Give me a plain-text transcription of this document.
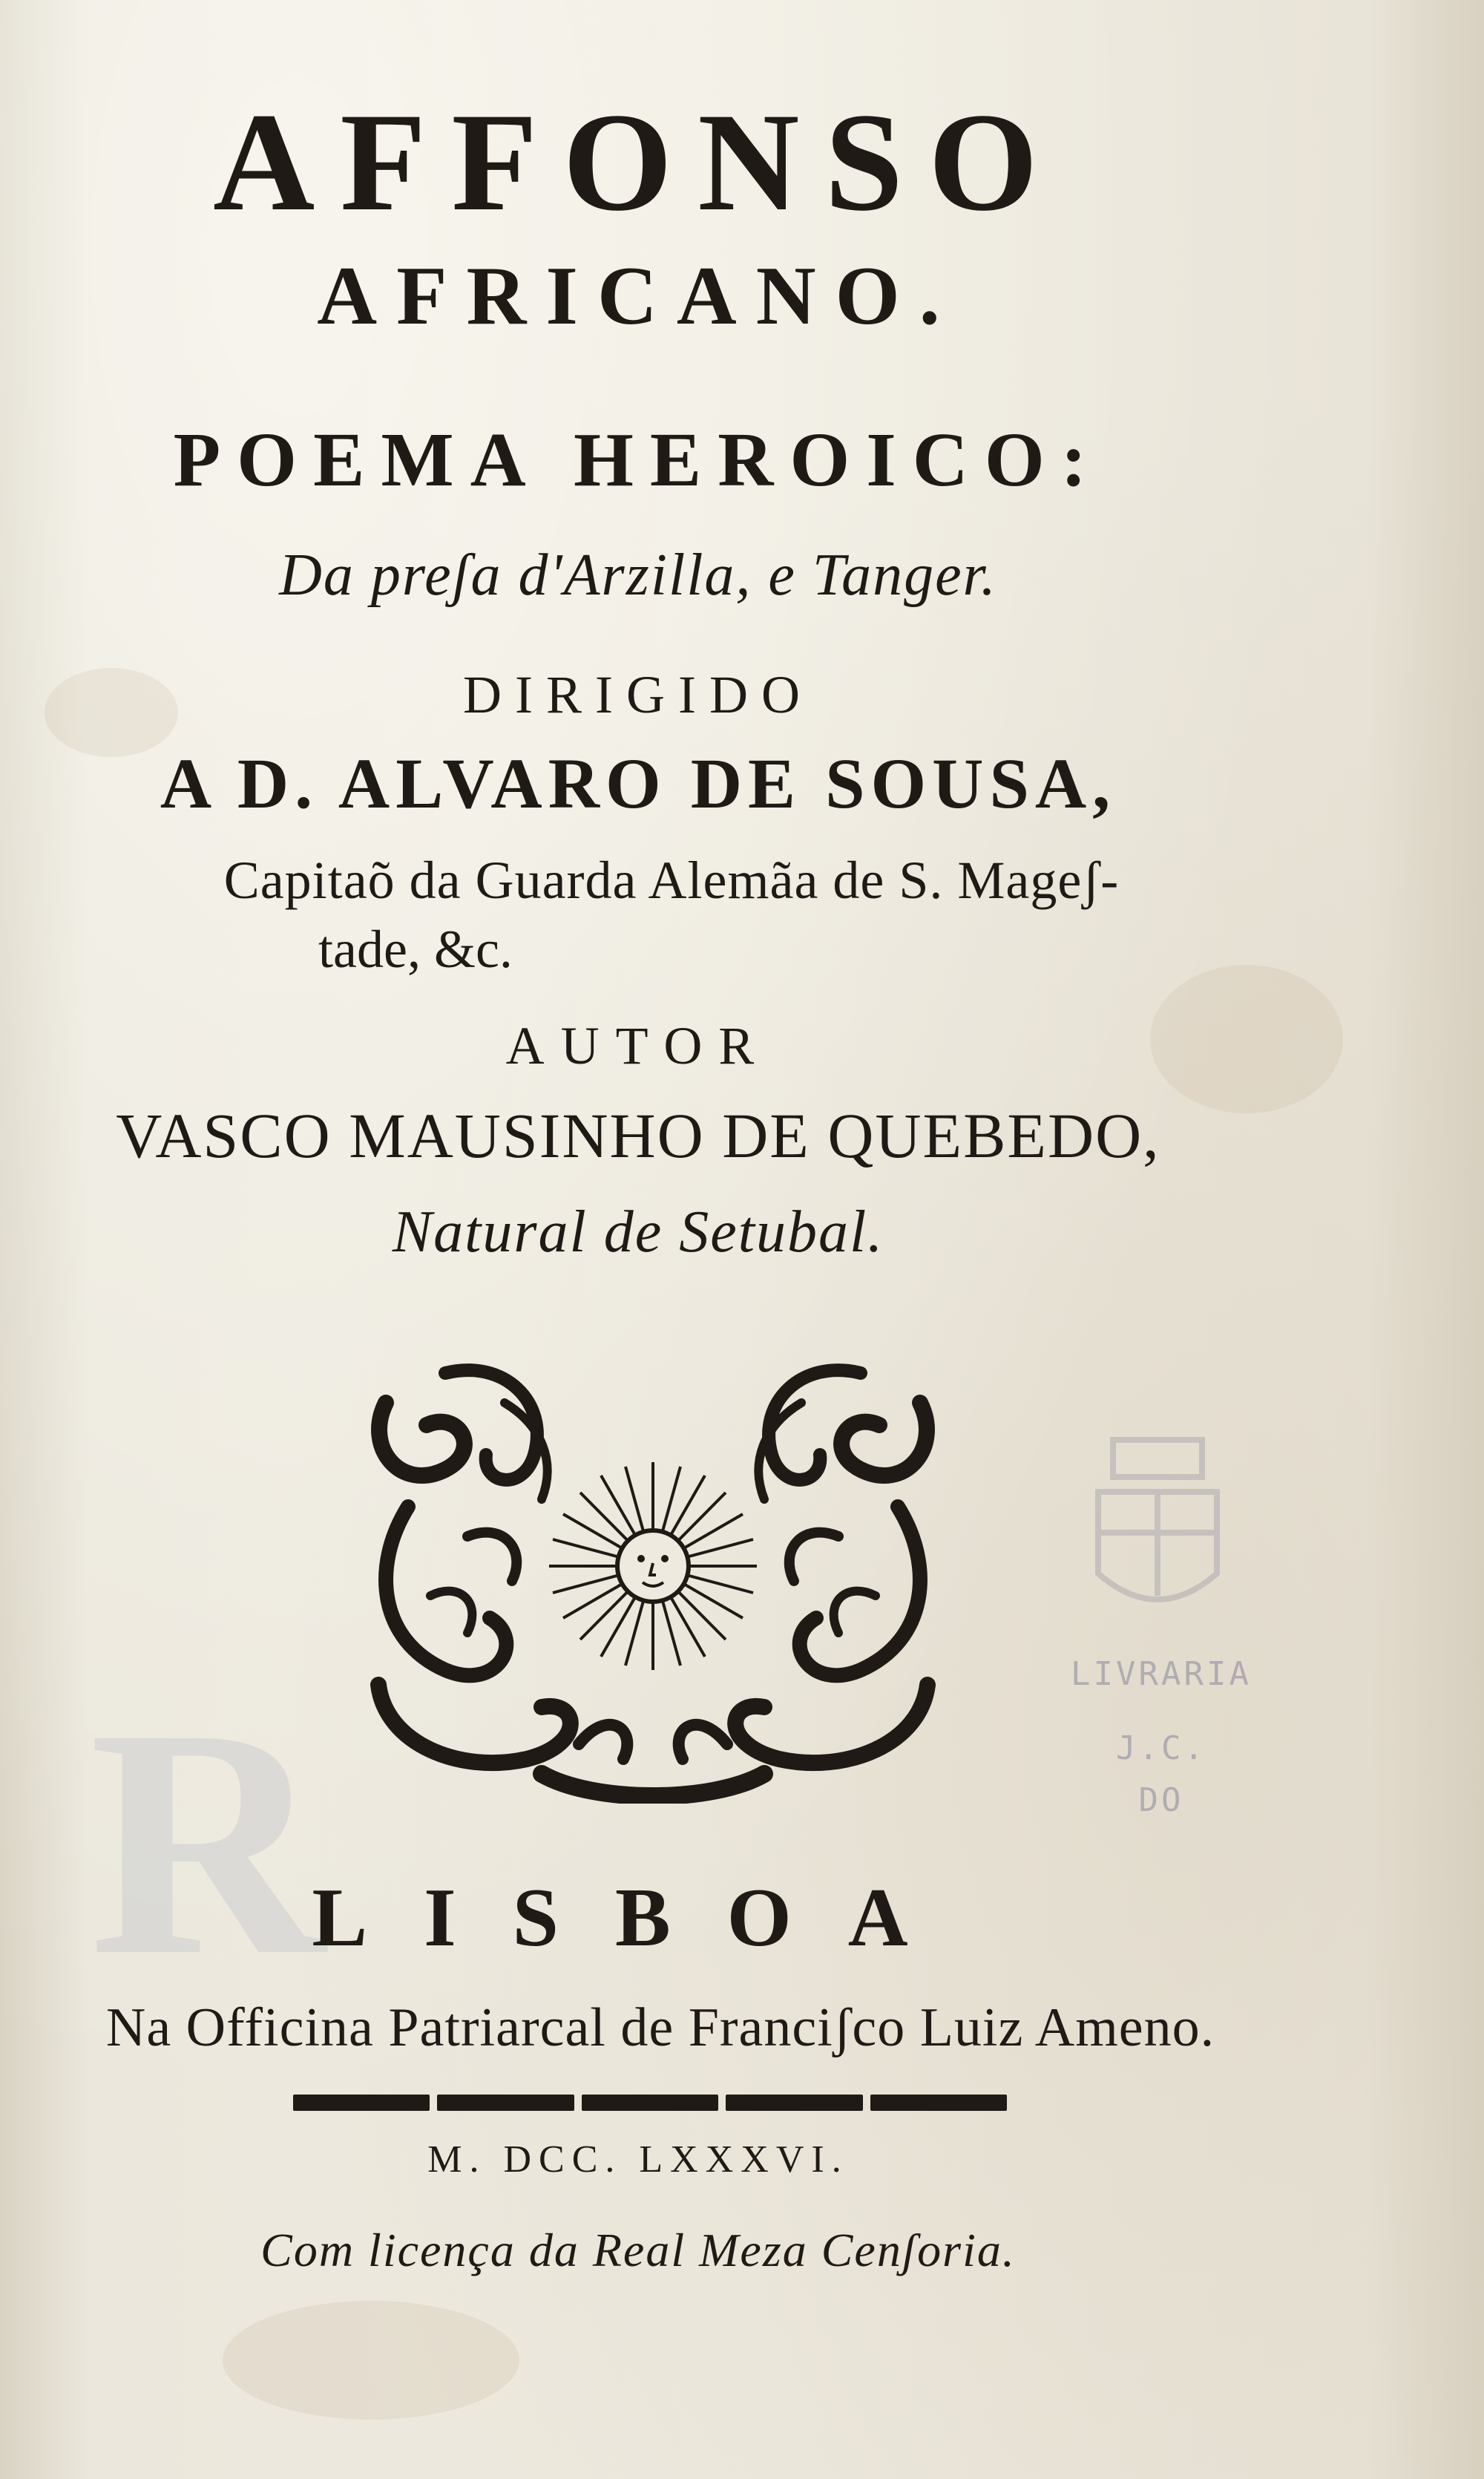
R
AFFONSO
AFRICANO.
POEMA HEROICO:
Da preʃa d'Arzilla, e Tanger.
DIRIGIDO
A D. ALVARO DE SOUSA,
Capitaõ da Guarda Alemãa de S. Mageʃ-
tade, &c.
AUTOR
VASCO MAUSINHO DE QUEBEDO,
Natural de Setubal.
LIVRARIA
J.C.
DO
LISBOA
Na Officina Patriarcal de Franciʃco Luiz Ameno.
M. DCC. LXXXVI.
Com licença da Real Meza Cenʃoria.
